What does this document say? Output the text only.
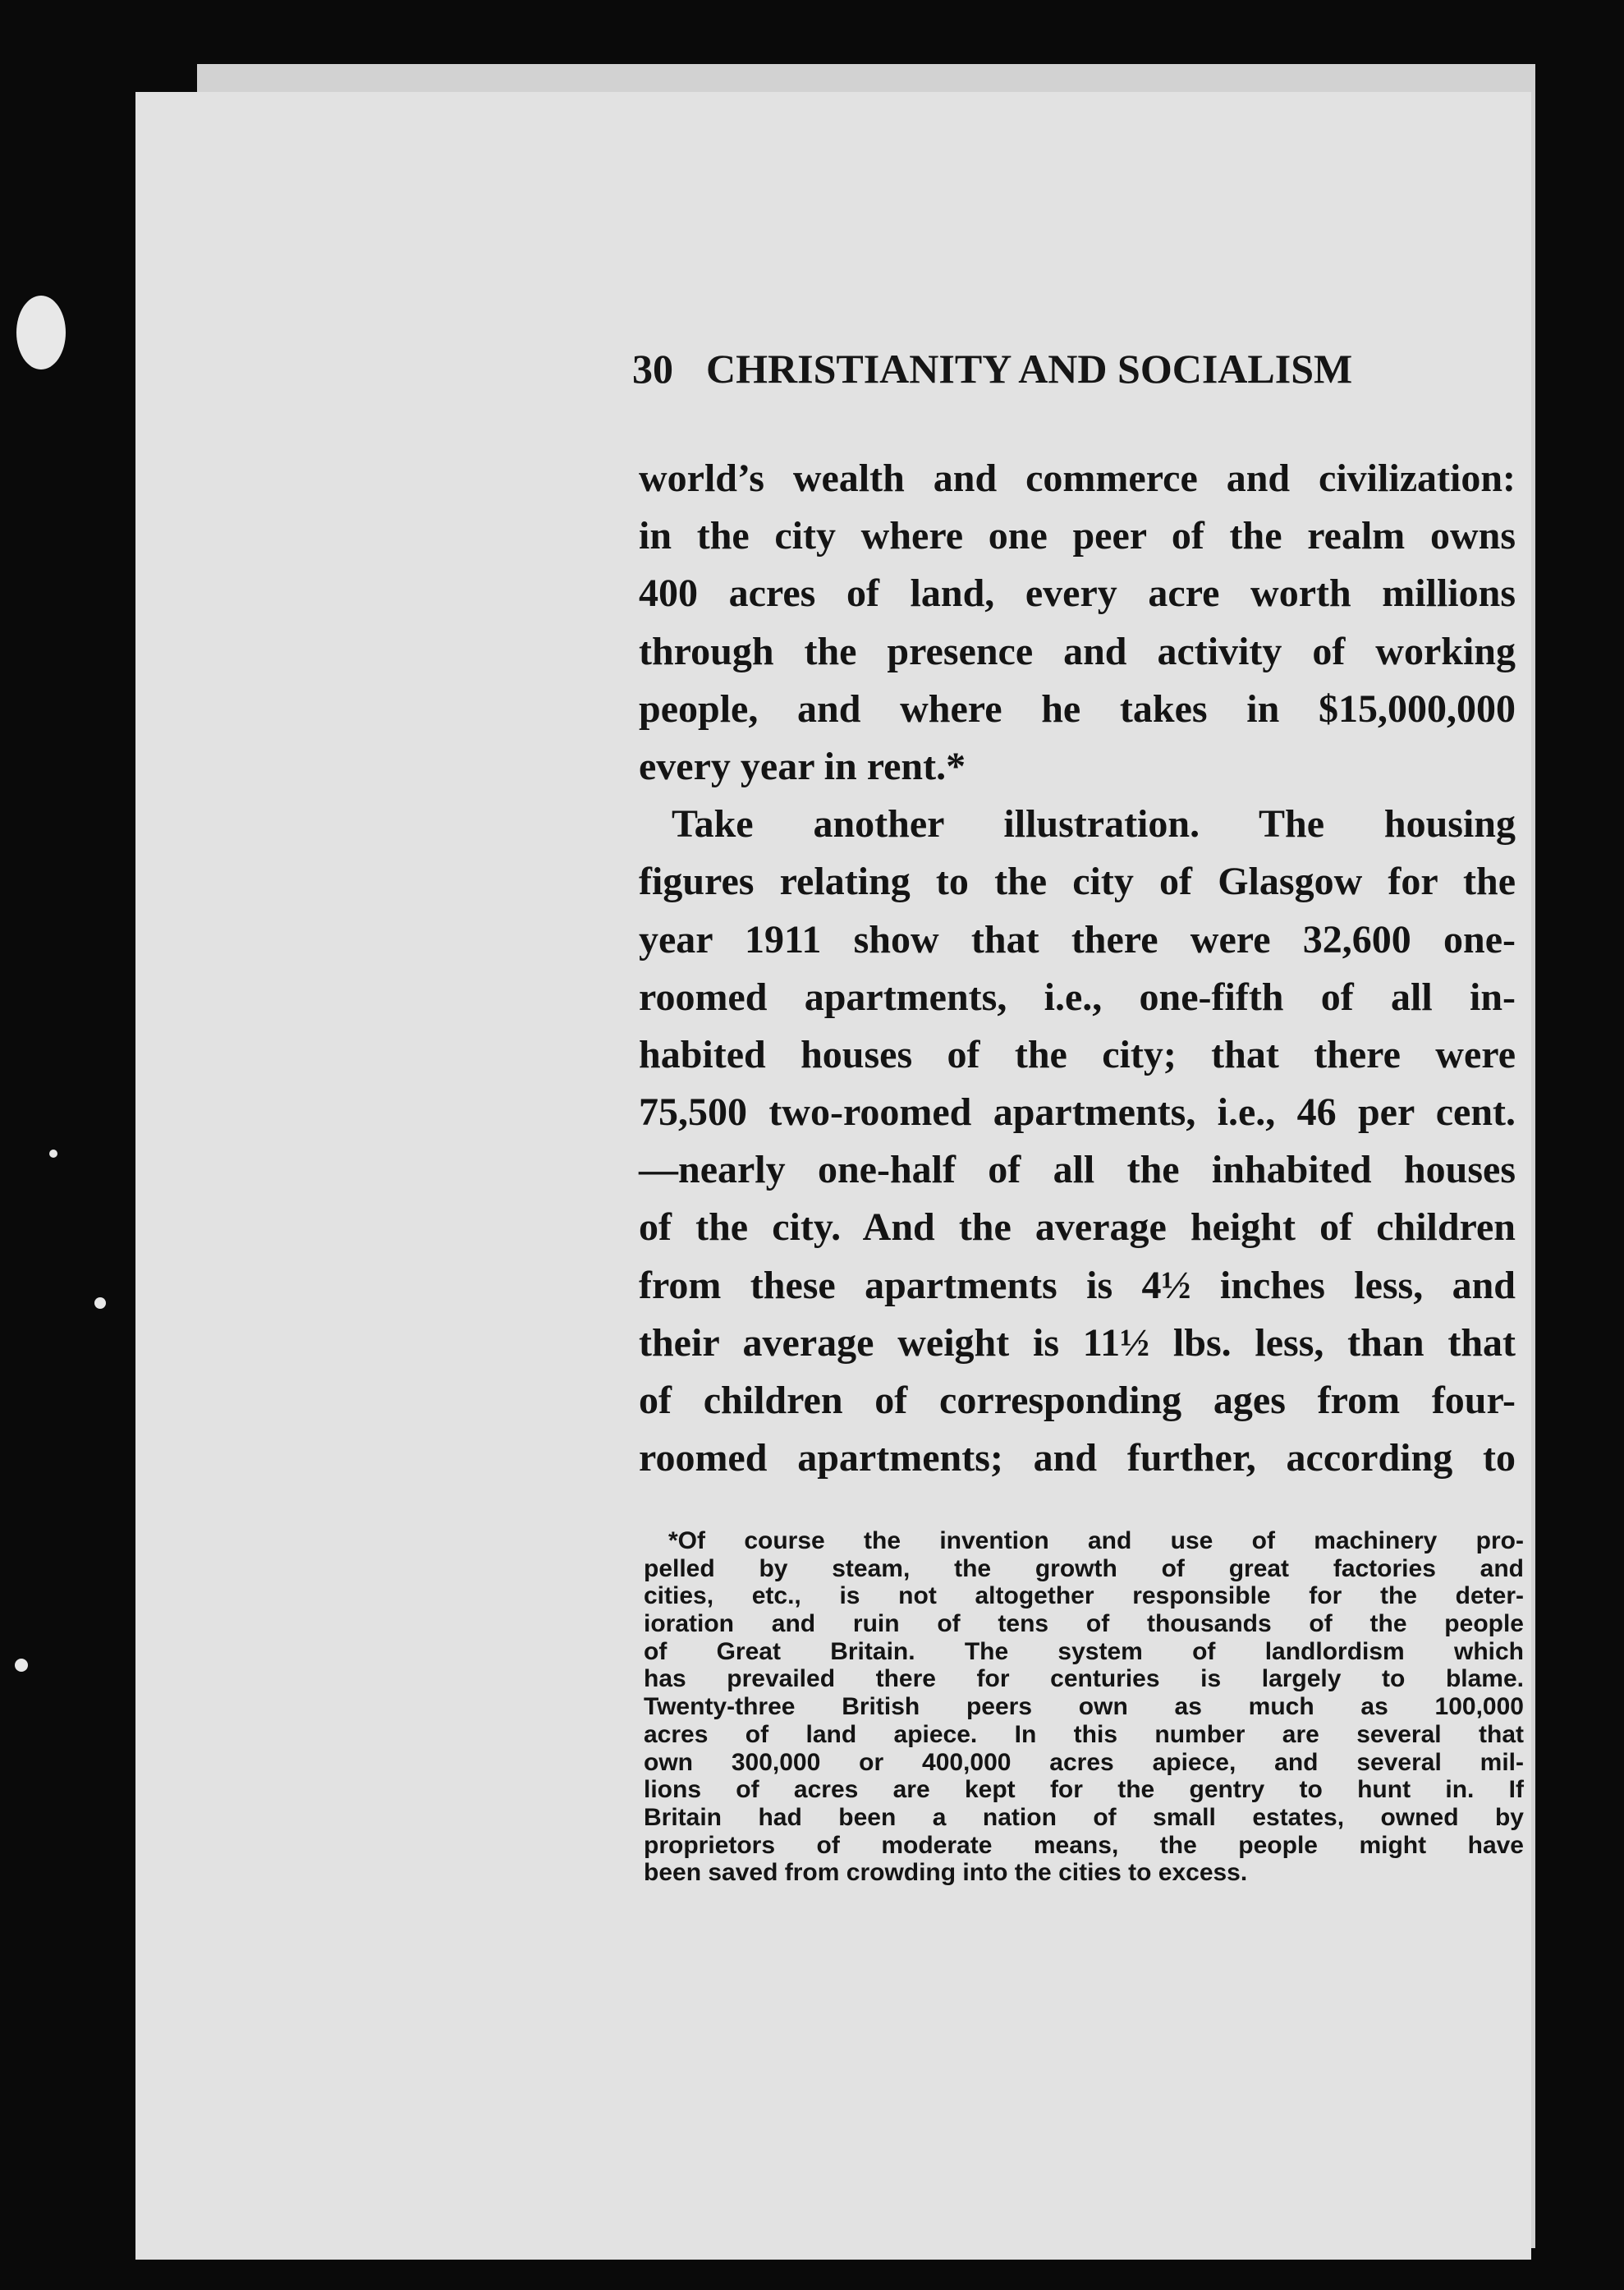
30 CHRISTIANITY AND SOCIALISM
world’s wealth and commerce and civilization:
in the city where one peer of the realm owns
400 acres of land, every acre worth millions
through the presence and activity of working
people, and where he takes in $15,000,000
every year in rent.*
Take another illustration. The housing
figures relating to the city of Glasgow for the
year 1911 show that there were 32,600 one-
roomed apartments, i.e., one-fifth of all in-
habited houses of the city; that there were
75,500 two-roomed apartments, i.e., 46 per cent.
—nearly one-half of all the inhabited houses
of the city. And the average height of children
from these apartments is 4½ inches less, and
their average weight is 11½ lbs. less, than that
of children of corresponding ages from four-
roomed apartments; and further, according to
*Of course the invention and use of machinery pro-
pelled by steam, the growth of great factories and
cities, etc., is not altogether responsible for the deter-
ioration and ruin of tens of thousands of the people
of Great Britain. The system of landlordism which
has prevailed there for centuries is largely to blame.
Twenty-three British peers own as much as 100,000
acres of land apiece. In this number are several that
own 300,000 or 400,000 acres apiece, and several mil-
lions of acres are kept for the gentry to hunt in. If
Britain had been a nation of small estates, owned by
proprietors of moderate means, the people might have
been saved from crowding into the cities to excess.
